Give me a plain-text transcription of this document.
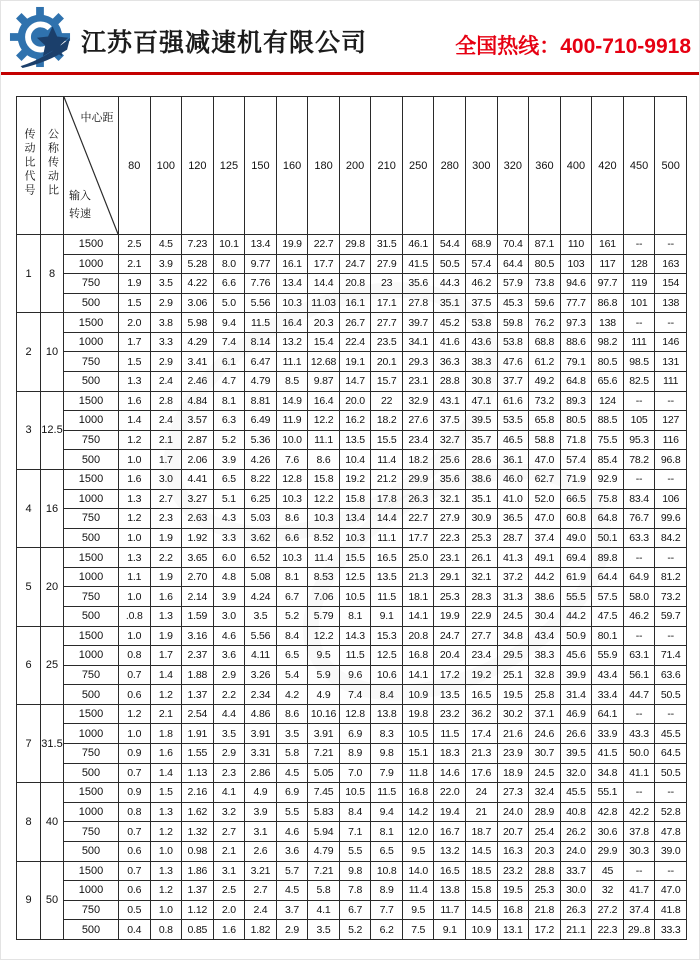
江苏百强减速机有限公司	全国热线：400-710-9918
传动比代号	公称传动比	中心距
输入
转速	80	100	120	125	150	160	180	200	210	250	280	300	320	360	400	420	450	500
1	8	1500	2.5	4.5	7.23	10.1	13.4	19.9	22.7	29.8	31.5	46.1	54.4	68.9	70.4	87.1	110	161	--	--
		1000	2.1	3.9	5.28	8.0	9.77	16.1	17.7	24.7	27.9	41.5	50.5	57.4	64.4	80.5	103	117	128	163
		750	1.9	3.5	4.22	6.6	7.76	13.4	14.4	20.8	23	35.6	44.3	46.2	57.9	73.8	94.6	97.7	119	154
		500	1.5	2.9	3.06	5.0	5.56	10.3	11.03	16.1	17.1	27.8	35.1	37.5	45.3	59.6	77.7	86.8	101	138
2	10	1500	2.0	3.8	5.98	9.4	11.5	16.4	20.3	26.7	27.7	39.7	45.2	53.8	59.8	76.2	97.3	138	--	--
		1000	1.7	3.3	4.29	7.4	8.14	13.2	15.4	22.4	23.5	34.1	41.6	43.6	53.8	68.8	88.6	98.2	111	146
		750	1.5	2.9	3.41	6.1	6.47	11.1	12.68	19.1	20.1	29.3	36.3	38.3	47.6	61.2	79.1	80.5	98.5	131
		500	1.3	2.4	2.46	4.7	4.79	8.5	9.87	14.7	15.7	23.1	28.8	30.8	37.7	49.2	64.8	65.6	82.5	111
3	12.5	1500	1.6	2.8	4.84	8.1	8.81	14.9	16.4	20.0	22	32.9	43.1	47.1	61.6	73.2	89.3	124	--	--
		1000	1.4	2.4	3.57	6.3	6.49	11.9	12.2	16.2	18.2	27.6	37.5	39.5	53.5	65.8	80.5	88.5	105	127
		750	1.2	2.1	2.87	5.2	5.36	10.0	11.1	13.5	15.5	23.4	32.7	35.7	46.5	58.8	71.8	75.5	95.3	116
		500	1.0	1.7	2.06	3.9	4.26	7.6	8.6	10.4	11.4	18.2	25.6	28.6	36.1	47.0	57.4	85.4	78.2	96.8
4	16	1500	1.6	3.0	4.41	6.5	8.22	12.8	15.8	19.2	21.2	29.9	35.6	38.6	46.0	62.7	71.9	92.9	--	--
		1000	1.3	2.7	3.27	5.1	6.25	10.3	12.2	15.8	17.8	26.3	32.1	35.1	41.0	52.0	66.5	75.8	83.4	106
		750	1.2	2.3	2.63	4.3	5.03	8.6	10.3	13.4	14.4	22.7	27.9	30.9	36.5	47.0	60.8	64.8	76.7	99.6
		500	1.0	1.9	1.92	3.3	3.62	6.6	8.52	10.3	11.1	17.7	22.3	25.3	28.7	37.4	49.0	50.1	63.3	84.2
5	20	1500	1.3	2.2	3.65	6.0	6.52	10.3	11.4	15.5	16.5	25.0	23.1	26.1	41.3	49.1	69.4	89.8	--	--
		1000	1.1	1.9	2.70	4.8	5.08	8.1	8.53	12.5	13.5	21.3	29.1	32.1	37.2	44.2	61.9	64.4	64.9	81.2
		750	1.0	1.6	2.14	3.9	4.24	6.7	7.06	10.5	11.5	18.1	25.3	28.3	31.3	38.6	55.5	57.5	58.0	73.2
		500	.0.8	1.3	1.59	3.0	3.5	5.2	5.79	8.1	9.1	14.1	19.9	22.9	24.5	30.4	44.2	47.5	46.2	59.7
6	25	1500	1.0	1.9	3.16	4.6	5.56	8.4	12.2	14.3	15.3	20.8	24.7	27.7	34.8	43.4	50.9	80.1	--	--
		1000	0.8	1.7	2.37	3.6	4.11	6.5	9.5	11.5	12.5	16.8	20.4	23.4	29.5	38.3	45.6	55.9	63.1	71.4
		750	0.7	1.4	1.88	2.9	3.26	5.4	5.9	9.6	10.6	14.1	17.2	19.2	25.1	32.8	39.9	43.4	56.1	63.6
		500	0.6	1.2	1.37	2.2	2.34	4.2	4.9	7.4	8.4	10.9	13.5	16.5	19.5	25.8	31.4	33.4	44.7	50.5
7	31.5	1500	1.2	2.1	2.54	4.4	4.86	8.6	10.16	12.8	13.8	19.8	23.2	36.2	30.2	37.1	46.9	64.1	--	--
		1000	1.0	1.8	1.91	3.5	3.91	3.5	3.91	6.9	8.3	10.5	11.5	17.4	21.6	24.6	26.6	33.9	43.3	45.5
		750	0.9	1.6	1.55	2.9	3.31	5.8	7.21	8.9	9.8	15.1	18.3	21.3	23.9	30.7	39.5	41.5	50.0	64.5
		500	0.7	1.4	1.13	2.3	2.86	4.5	5.05	7.0	7.9	11.8	14.6	17.6	18.9	24.5	32.0	34.8	41.1	50.5
8	40	1500	0.9	1.5	2.16	4.1	4.9	6.9	7.45	10.5	11.5	16.8	22.0	24	27.3	32.4	45.5	55.1	--	--
		1000	0.8	1.3	1.62	3.2	3.9	5.5	5.83	8.4	9.4	14.2	19.4	21	24.0	28.9	40.8	42.8	42.2	52.8
		750	0.7	1.2	1.32	2.7	3.1	4.6	5.94	7.1	8.1	12.0	16.7	18.7	20.7	25.4	26.2	30.6	37.8	47.8
		500	0.6	1.0	0.98	2.1	2.6	3.6	4.79	5.5	6.5	9.5	13.2	14.5	16.3	20.3	24.0	29.9	30.3	39.0
9	50	1500	0.7	1.3	1.86	3.1	3.21	5.7	7.21	9.8	10.8	14.0	16.5	18.5	23.2	28.8	33.7	45	--	--
		1000	0.6	1.2	1.37	2.5	2.7	4.5	5.8	7.8	8.9	11.4	13.8	15.8	19.5	25.3	30.0	32	41.7	47.0
		750	0.5	1.0	1.12	2.0	2.4	3.7	4.1	6.7	7.7	9.5	11.7	14.5	16.8	21.8	26.3	27.2	37.4	41.8
		500	0.4	0.8	0.85	1.6	1.82	2.9	3.5	5.2	6.2	7.5	9.1	10.9	13.1	17.2	21.1	22.3	29..8	33.3
